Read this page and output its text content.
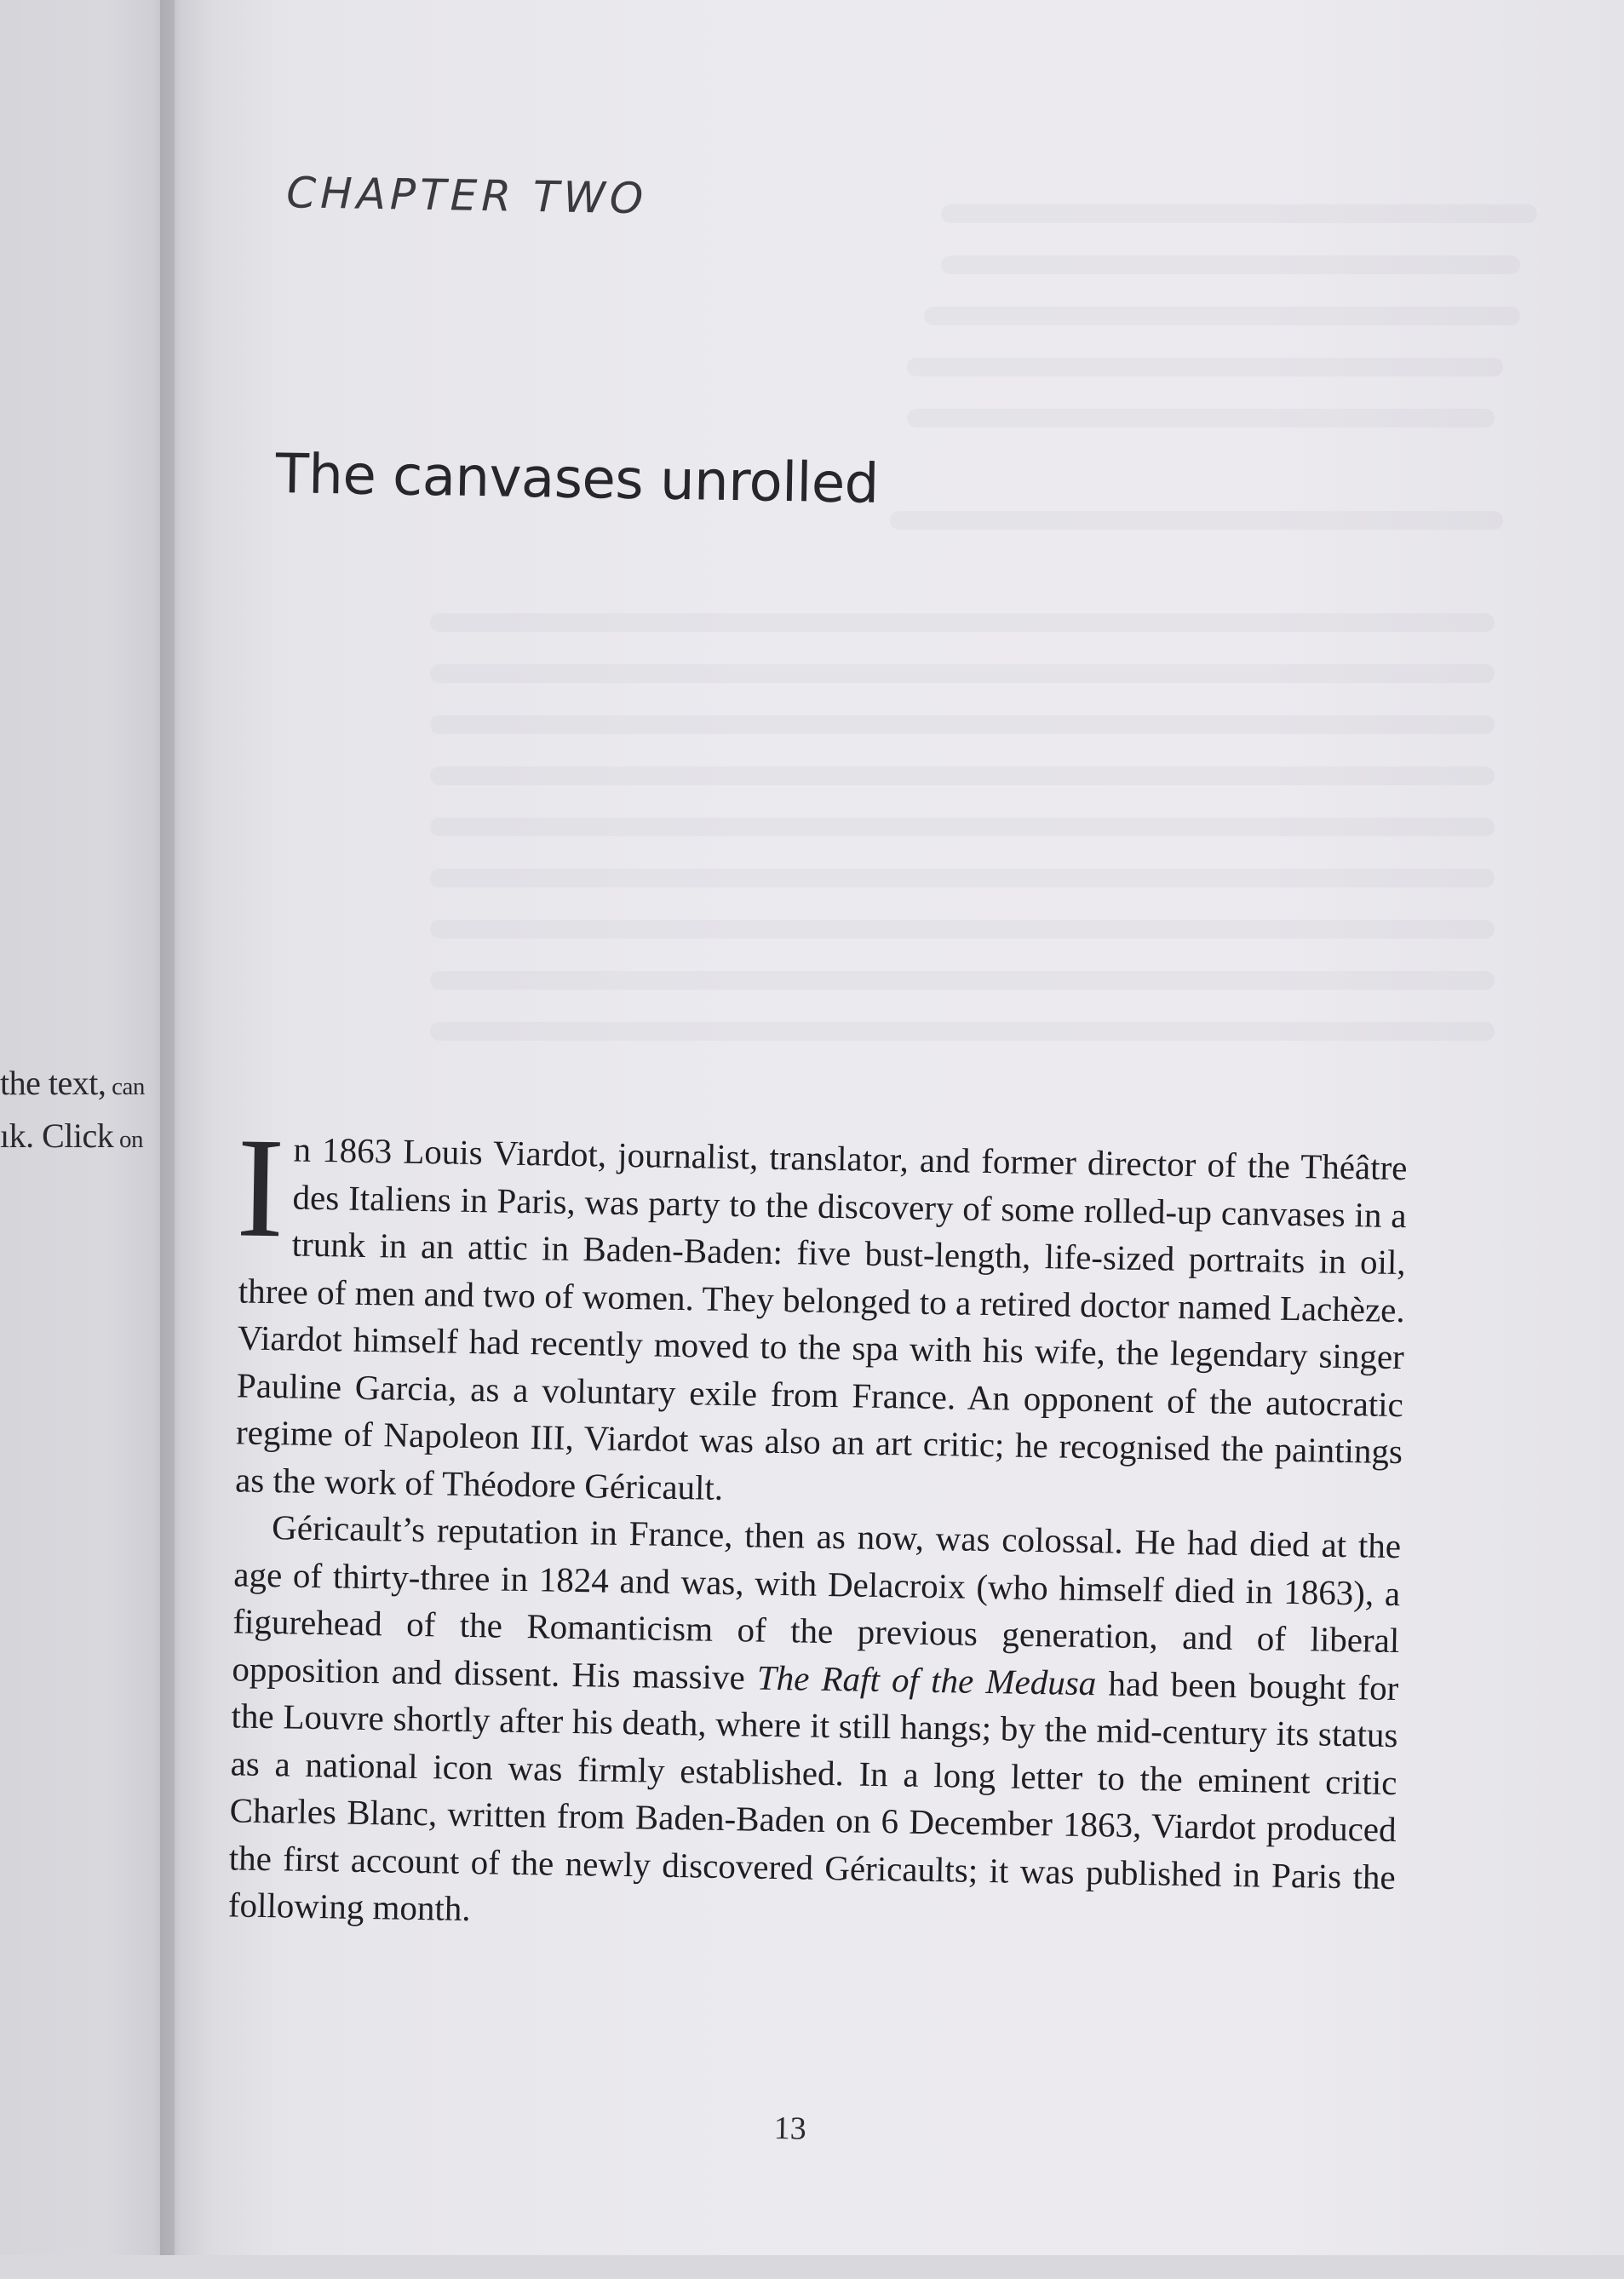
the text, can
ık. Click on
CHAPTER TWO
The canvases unrolled

In 1863 Louis Viardot, journalist, translator, and former director of the Théâtre des Italiens in Paris, was party to the discovery of some rolled-up canvases in a trunk in an attic in Baden-Baden: five bust-length, life-sized portraits in oil, three of men and two of women. They belonged to a retired doctor named Lachèze. Viardot himself had recently moved to the spa with his wife, the legendary singer Pauline Garcia, as a voluntary exile from France. An opponent of the autocratic regime of Napoleon III, Viardot was also an art critic; he recognised the paintings as the work of Théodore Géricault.

Géricault’s reputation in France, then as now, was colossal. He had died at the age of thirty-three in 1824 and was, with Delacroix (who himself died in 1863), a figurehead of the Romanticism of the previous generation, and of liberal opposition and dissent. His massive The Raft of the Medusa had been bought for the Louvre shortly after his death, where it still hangs; by the mid-century its status as a national icon was firmly established. In a long letter to the eminent critic Charles Blanc, written from Baden-Baden on 6 December 1863, Viardot produced the first account of the newly discovered Géricaults; it was published in Paris the following month.

13
